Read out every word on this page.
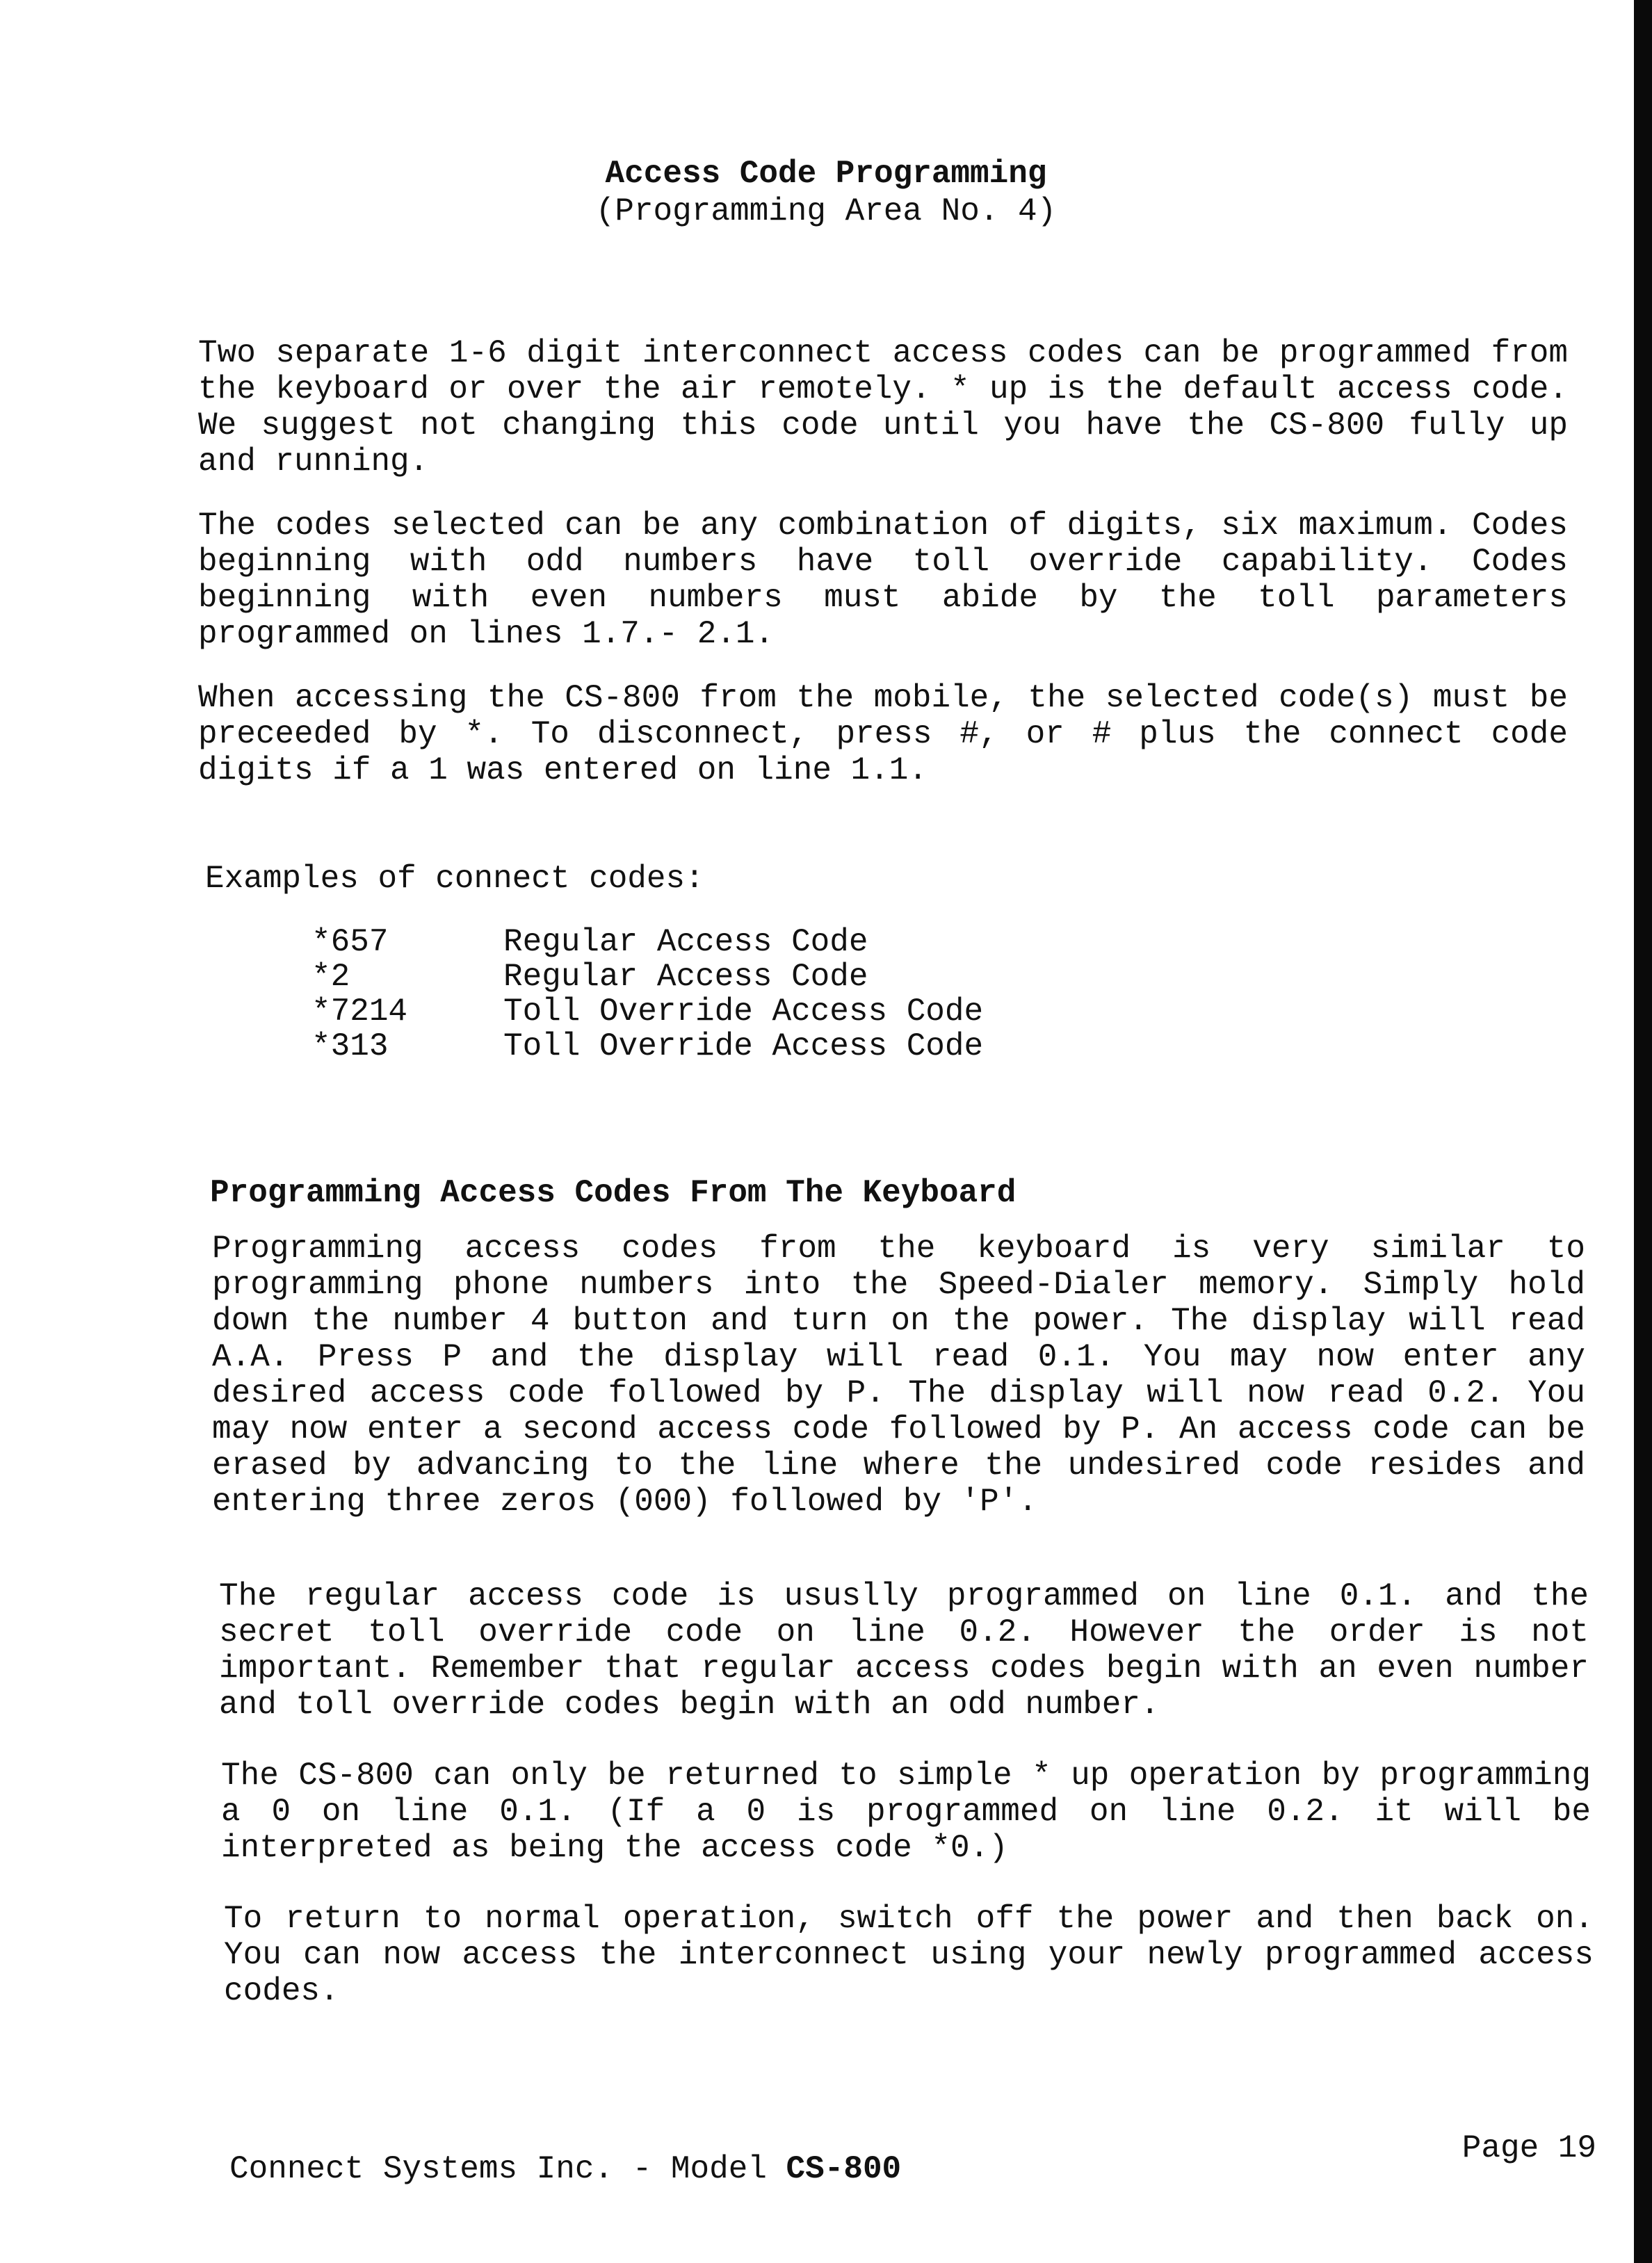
Access Code Programming
(Programming Area No. 4)

Two separate 1-6 digit interconnect access codes can be programmed from the keyboard or over the air remotely. * up is the default access code. We suggest not changing this code until you have the CS-800 fully up and running.

The codes selected can be any combination of digits, six maximum. Codes beginning with odd numbers have toll override capability. Codes beginning with even numbers must abide by the toll parameters programmed on lines 1.7.- 2.1.

When accessing the CS-800 from the mobile, the selected code(s) must be preceeded by *. To disconnect, press #, or # plus the connect code digits if a 1 was entered on line 1.1.

Examples of connect codes:

*657	Regular Access Code
*2	Regular Access Code
*7214	Toll Override Access Code
*313	Toll Override Access Code
Programming Access Codes From The Keyboard

Programming access codes from the keyboard is very similar to programming phone numbers into the Speed-Dialer memory. Simply hold down the number 4 button and turn on the power. The display will read A.A. Press P and the display will read 0.1. You may now enter any desired access code followed by P. The display will now read 0.2. You may now enter a second access code followed by P. An access code can be erased by advancing to the line where the undesired code resides and entering three zeros (000) followed by 'P'.

The regular access code is ususlly programmed on line 0.1. and the secret toll override code on line 0.2. However the order is not important. Remember that regular access codes begin with an even number and toll override codes begin with an odd number.

The CS-800 can only be returned to simple * up operation by programming a 0 on line 0.1. (If a 0 is programmed on line 0.2. it will be interpreted as being the access code *0.)

To return to normal operation, switch off the power and then back on. You can now access the interconnect using your newly programmed access codes.

Connect Systems Inc. - Model CS-800
Page 19
